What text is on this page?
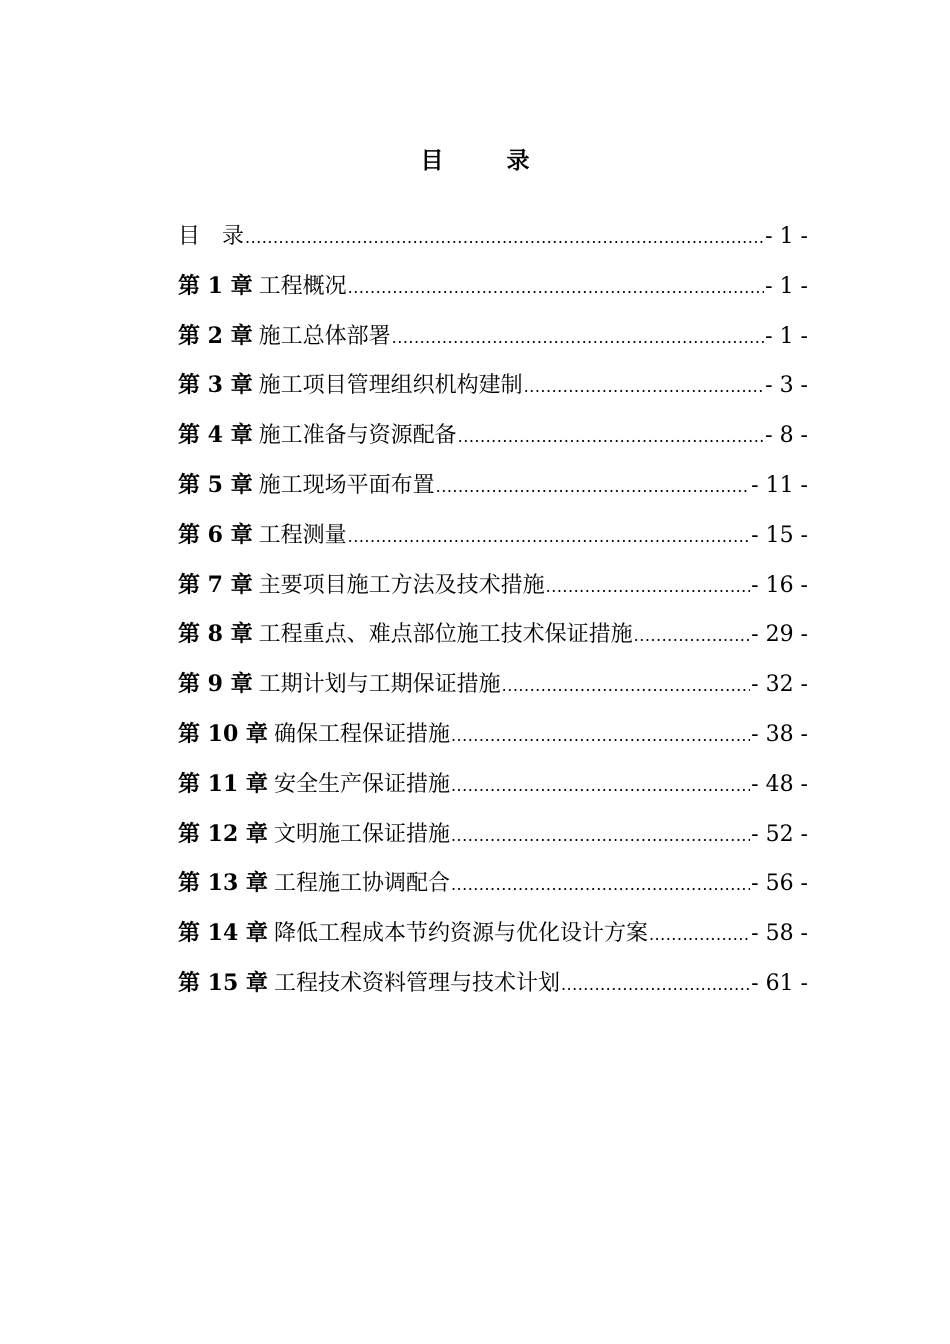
目　录
目　录 .....	- 1 -
第 1 章 工程概况 .....	- 1 -
第 2 章 施工总体部署 .....	- 1 -
第 3 章 施工项目管理组织机构建制 .....	- 3 -
第 4 章 施工准备与资源配备 .....	- 8 -
第 5 章 施工现场平面布置 .....	- 11 -
第 6 章 工程测量 .....	- 15 -
第 7 章 主要项目施工方法及技术措施 .....	- 16 -
第 8 章 工程重点、难点部位施工技术保证措施 .....	- 29 -
第 9 章 工期计划与工期保证措施 .....	- 32 -
第 10 章 确保工程保证措施 .....	- 38 -
第 11 章 安全生产保证措施 .....	- 48 -
第 12 章 文明施工保证措施 .....	- 52 -
第 13 章 工程施工协调配合 .....	- 56 -
第 14 章 降低工程成本节约资源与优化设计方案 .....	- 58 -
第 15 章 工程技术资料管理与技术计划 .....	- 61 -
